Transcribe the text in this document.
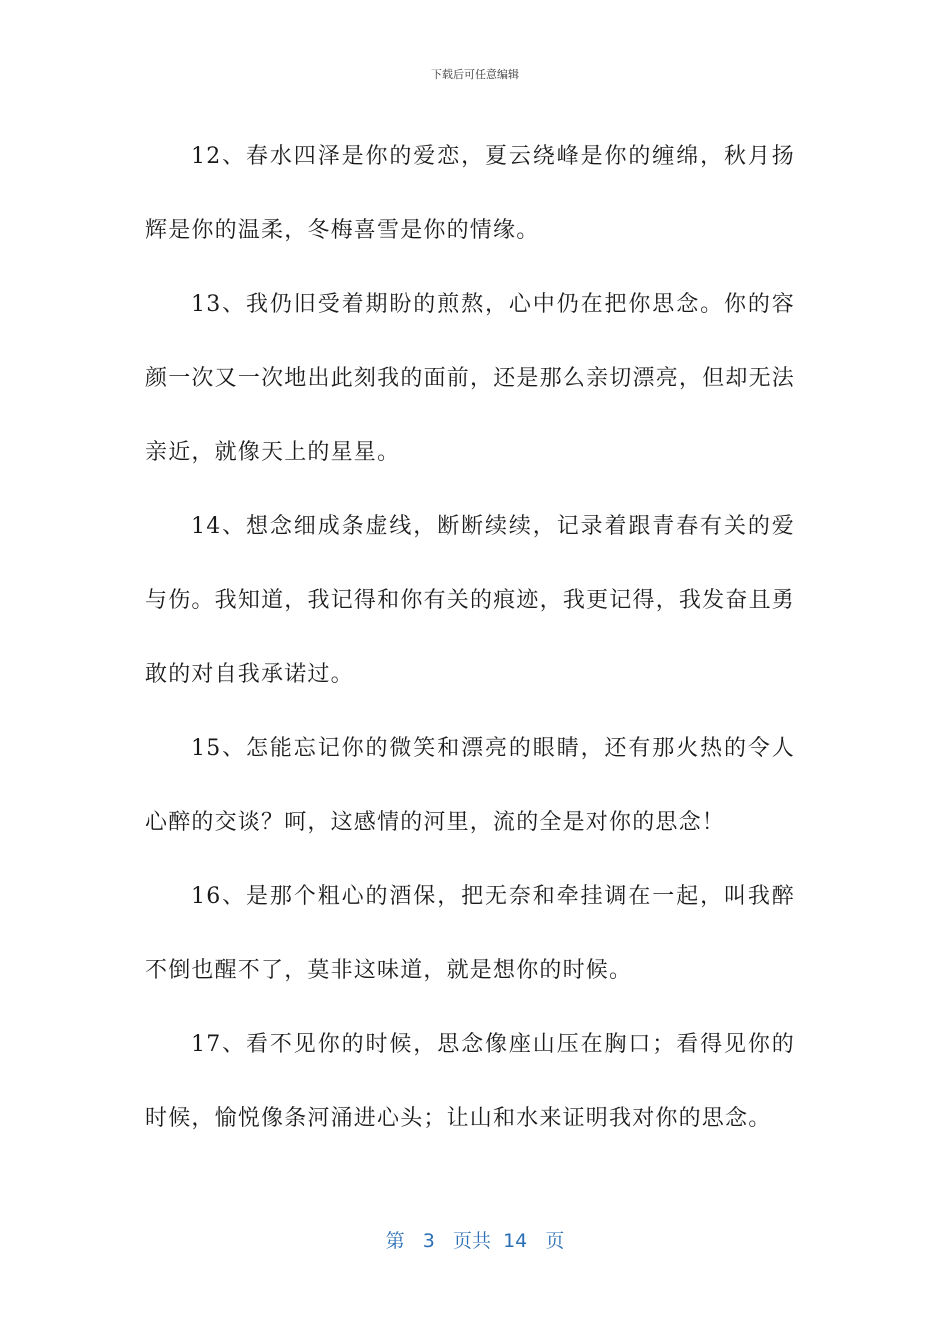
下载后可任意编辑

12、春水四泽是你的爱恋，夏云绕峰是你的缠绵，秋月扬辉是你的温柔，冬梅喜雪是你的情缘。

13、我仍旧受着期盼的煎熬，心中仍在把你思念。你的容颜一次又一次地出此刻我的面前，还是那么亲切漂亮，但却无法亲近，就像天上的星星。

14、想念细成条虚线，断断续续，记录着跟青春有关的爱与伤。我知道，我记得和你有关的痕迹，我更记得，我发奋且勇敢的对自我承诺过。

15、怎能忘记你的微笑和漂亮的眼睛，还有那火热的令人心醉的交谈？呵，这感情的河里，流的全是对你的思念！

16、是那个粗心的酒保，把无奈和牵挂调在一起，叫我醉不倒也醒不了，莫非这味道，就是想你的时候。

17、看不见你的时候，思念像座山压在胸口；看得见你的时候，愉悦像条河涌进心头；让山和水来证明我对你的思念。

第 3 页共 14 页
